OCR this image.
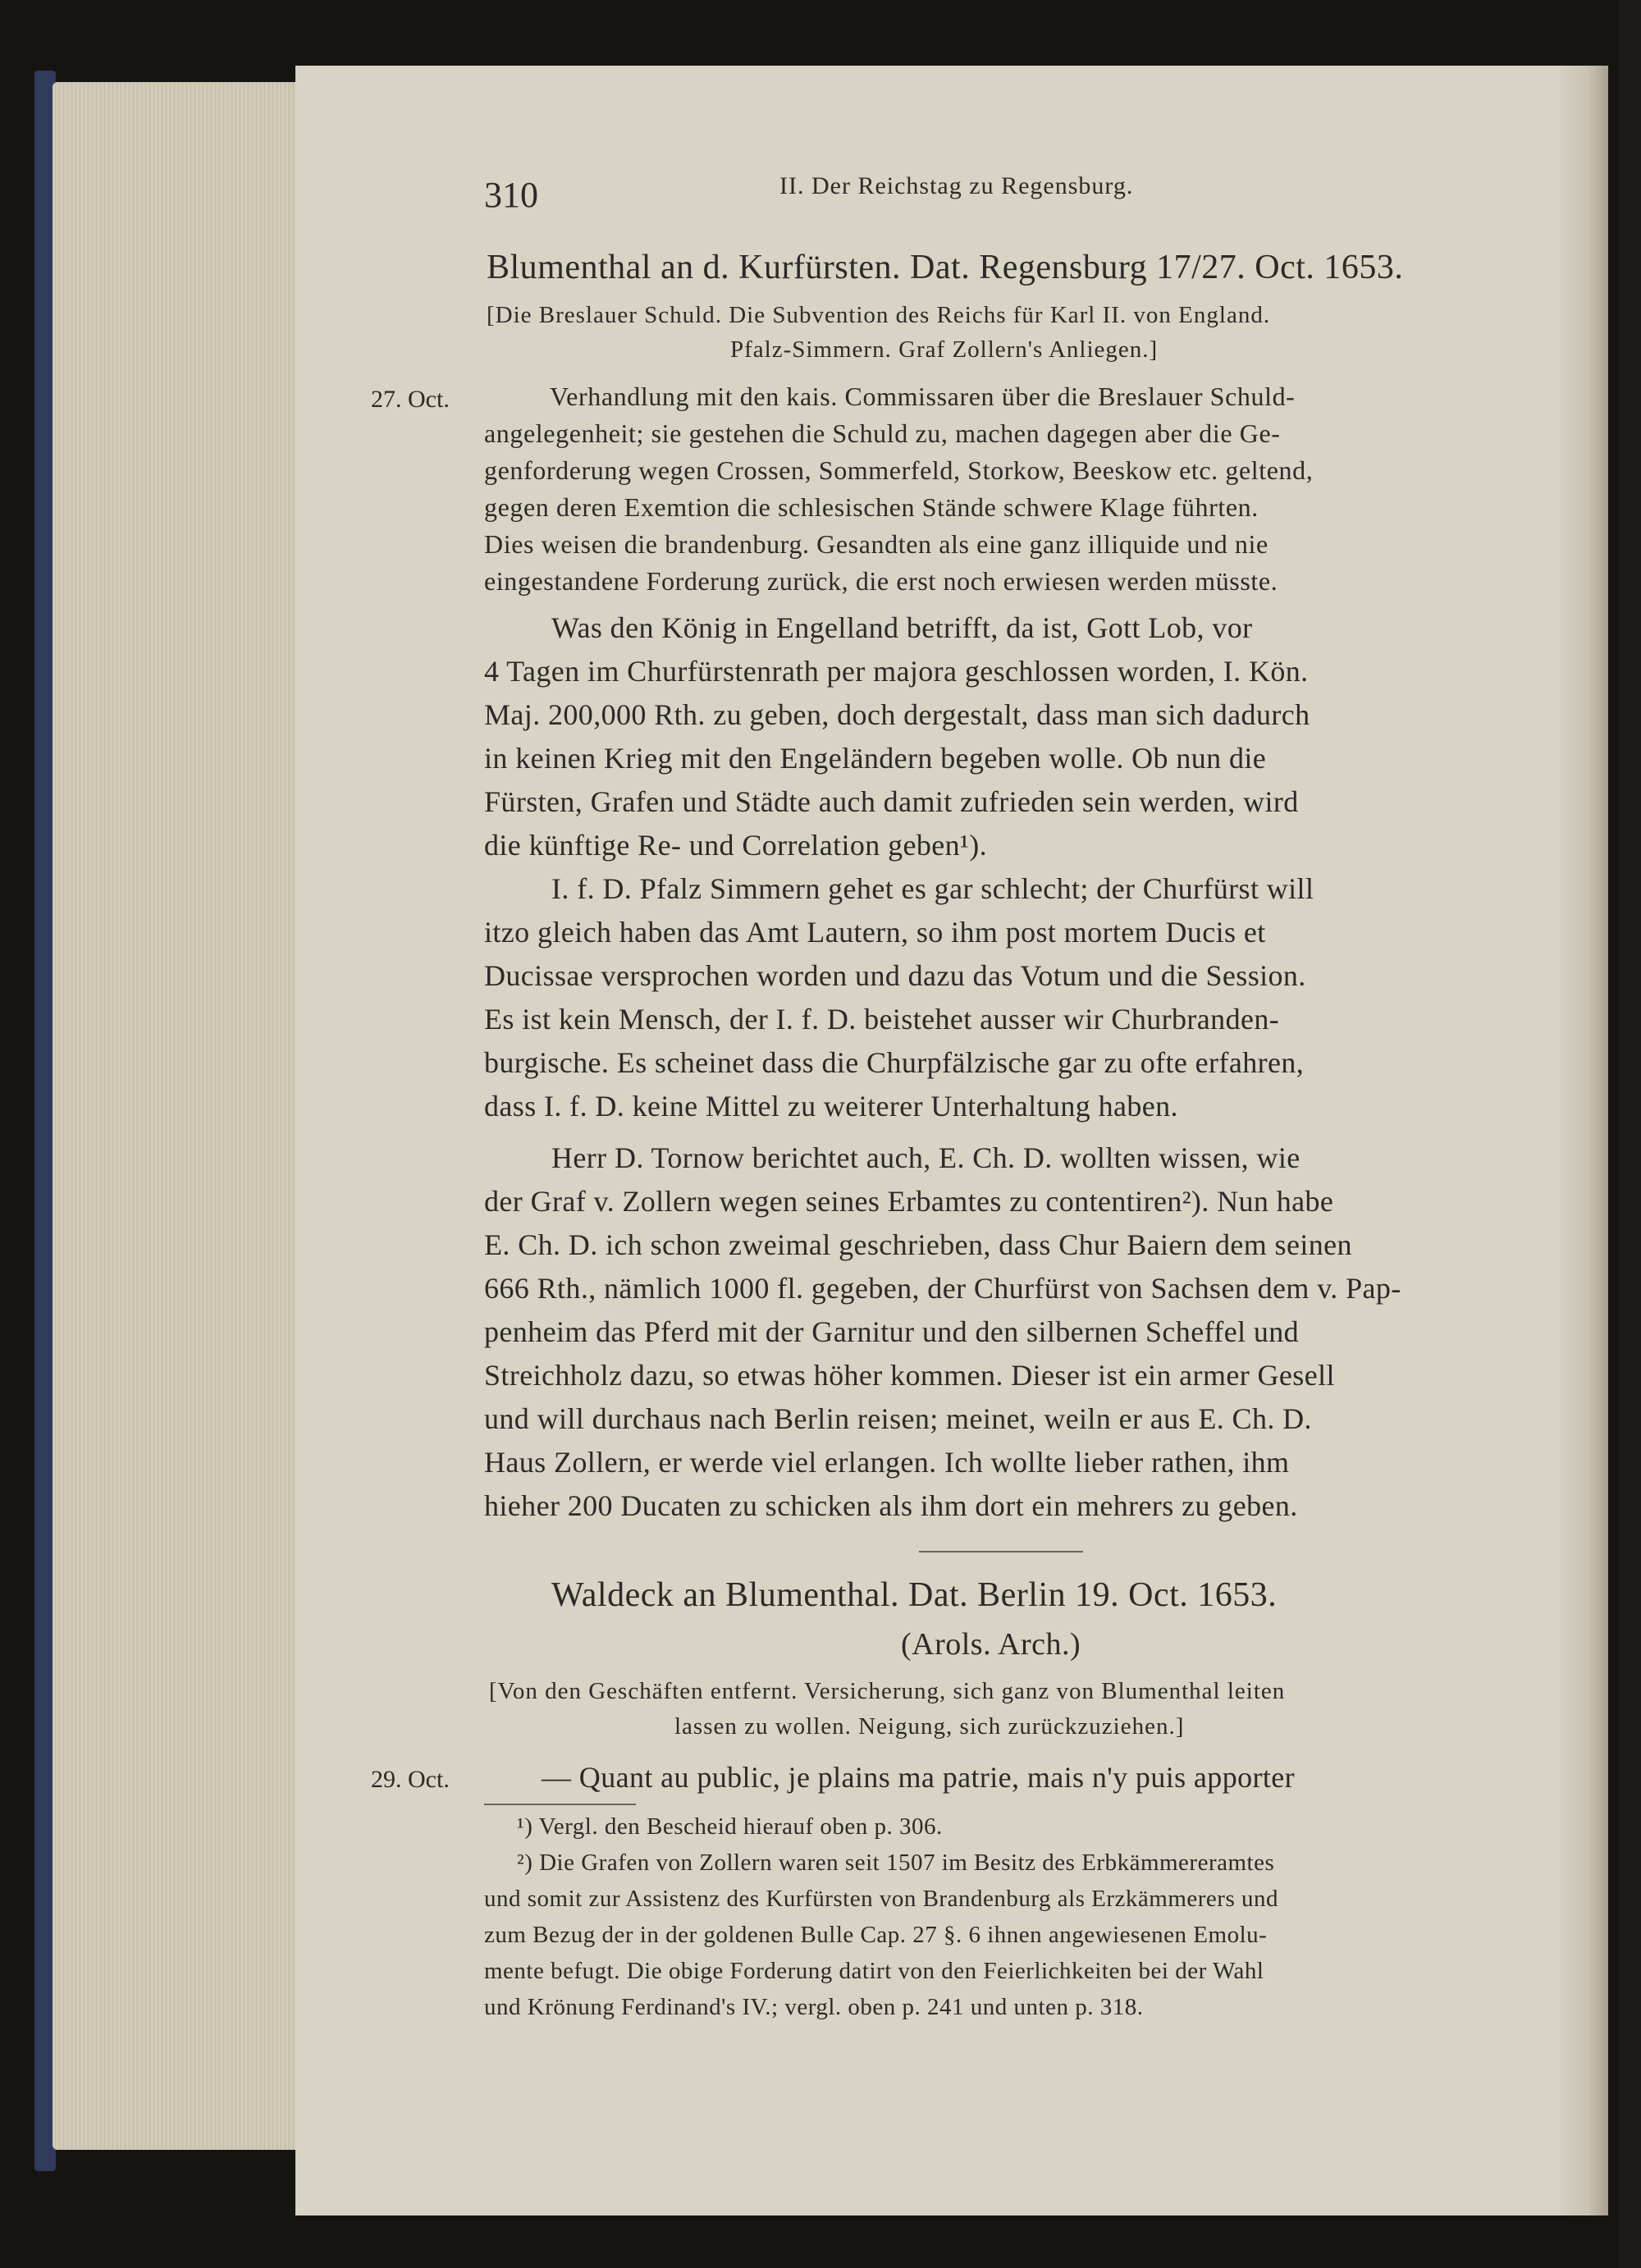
310	II. Der Reichstag zu Regensburg.
Blumenthal an d. Kurfürsten. Dat. Regensburg 17/27. Oct. 1653.
[Die Breslauer Schuld. Die Subvention des Reichs für Karl II. von England.
Pfalz-Simmern. Graf Zollern's Anliegen.]
27. Oct.	Verhandlung mit den kais. Commissaren über die Breslauer Schuld-
angelegenheit; sie gestehen die Schuld zu, machen dagegen aber die Ge-
genforderung wegen Crossen, Sommerfeld, Storkow, Beeskow etc. geltend,
gegen deren Exemtion die schlesischen Stände schwere Klage führten.
Dies weisen die brandenburg. Gesandten als eine ganz illiquide und nie
eingestandene Forderung zurück, die erst noch erwiesen werden müsste.
Was den König in Engelland betrifft, da ist, Gott Lob, vor
4 Tagen im Churfürstenrath per majora geschlossen worden, I. Kön.
Maj. 200,000 Rth. zu geben, doch dergestalt, dass man sich dadurch
in keinen Krieg mit den Engeländern begeben wolle. Ob nun die
Fürsten, Grafen und Städte auch damit zufrieden sein werden, wird
die künftige Re- und Correlation geben¹).
I. f. D. Pfalz Simmern gehet es gar schlecht; der Churfürst will
itzo gleich haben das Amt Lautern, so ihm post mortem Ducis et
Ducissae versprochen worden und dazu das Votum und die Session.
Es ist kein Mensch, der I. f. D. beistehet ausser wir Churbranden-
burgische. Es scheinet dass die Churpfälzische gar zu ofte erfahren,
dass I. f. D. keine Mittel zu weiterer Unterhaltung haben.
Herr D. Tornow berichtet auch, E. Ch. D. wollten wissen, wie
der Graf v. Zollern wegen seines Erbamtes zu contentiren²). Nun habe
E. Ch. D. ich schon zweimal geschrieben, dass Chur Baiern dem seinen
666 Rth., nämlich 1000 fl. gegeben, der Churfürst von Sachsen dem v. Pap-
penheim das Pferd mit der Garnitur und den silbernen Scheffel und
Streichholz dazu, so etwas höher kommen. Dieser ist ein armer Gesell
und will durchaus nach Berlin reisen; meinet, weiln er aus E. Ch. D.
Haus Zollern, er werde viel erlangen. Ich wollte lieber rathen, ihm
hieher 200 Ducaten zu schicken als ihm dort ein mehrers zu geben.
Waldeck an Blumenthal. Dat. Berlin 19. Oct. 1653.
(Arols. Arch.)
[Von den Geschäften entfernt. Versicherung, sich ganz von Blumenthal leiten
lassen zu wollen. Neigung, sich zurückzuziehen.]
29. Oct.	— Quant au public, je plains ma patrie, mais n'y puis apporter
¹) Vergl. den Bescheid hierauf oben p. 306.
²) Die Grafen von Zollern waren seit 1507 im Besitz des Erbkämmereramtes
und somit zur Assistenz des Kurfürsten von Brandenburg als Erzkämmerers und
zum Bezug der in der goldenen Bulle Cap. 27 §. 6 ihnen angewiesenen Emolu-
mente befugt. Die obige Forderung datirt von den Feierlichkeiten bei der Wahl
und Krönung Ferdinand's IV.; vergl. oben p. 241 und unten p. 318.
